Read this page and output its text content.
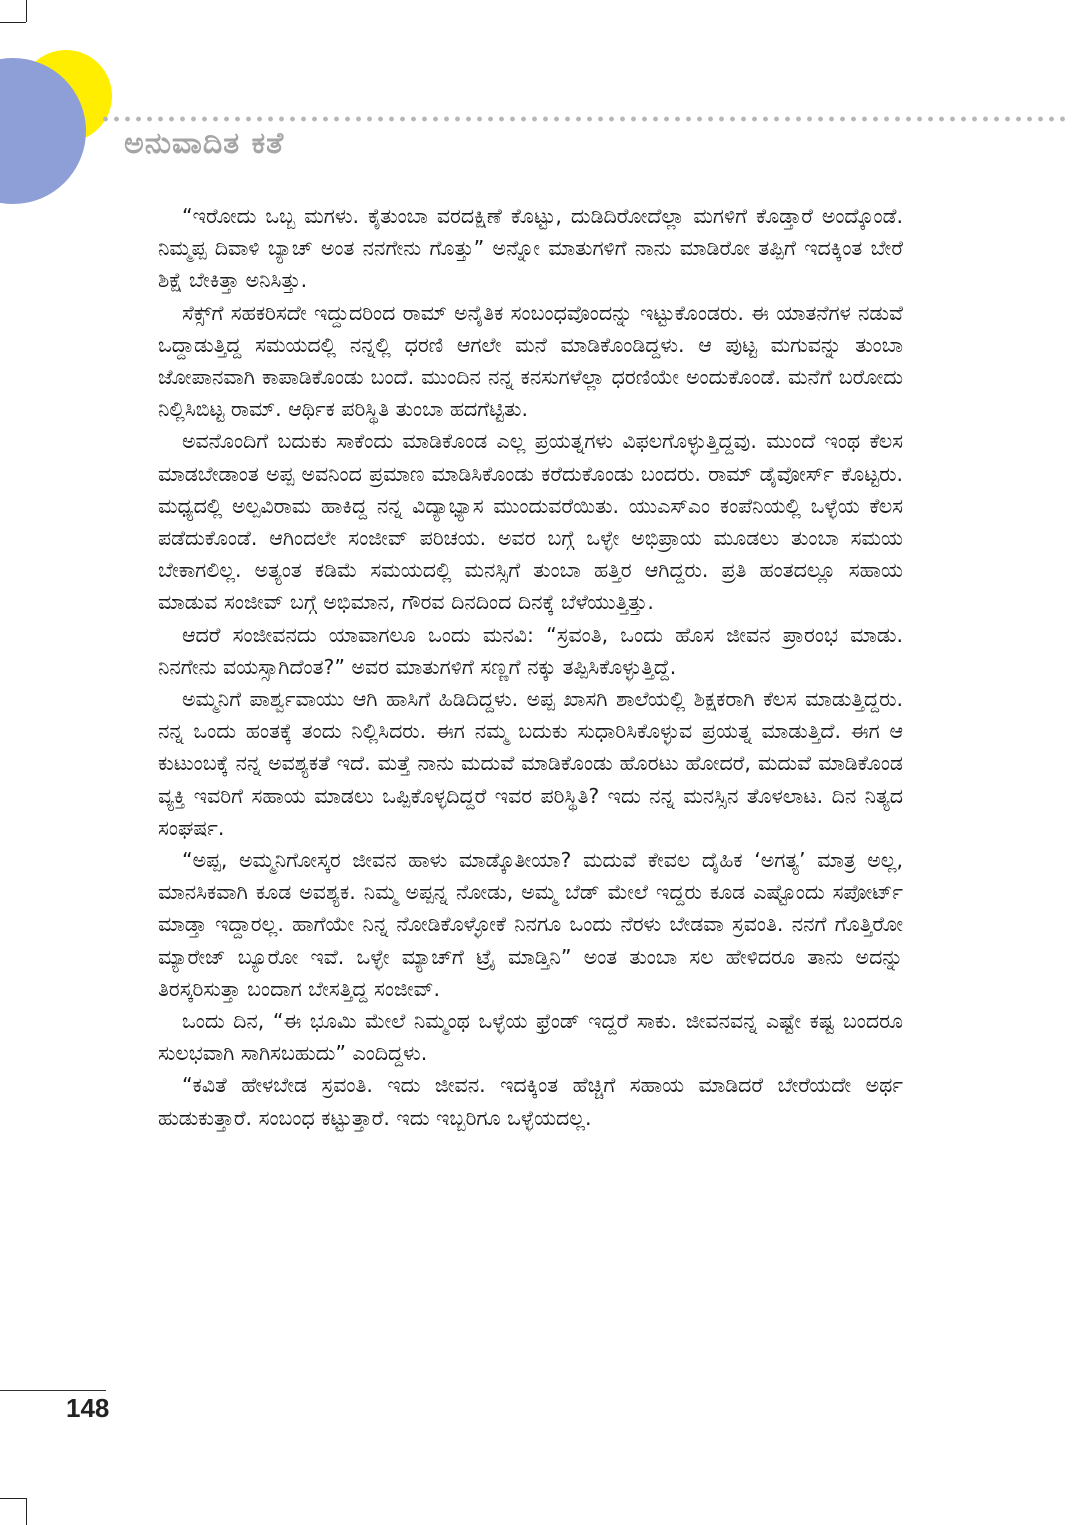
ಅನುವಾದಿತ ಕತೆ

“ಇರೋದು ಒಬ್ಬ ಮಗಳು. ಕೈತುಂಬಾ ವರದಕ್ಷಿಣೆ ಕೊಟ್ಟು, ದುಡಿದಿರೋದೆಲ್ಲಾ ಮಗಳಿಗೆ ಕೊಡ್ತಾರೆ ಅಂದ್ಕೊಂಡೆ. ನಿಮ್ಮಪ್ಪ ದಿವಾಳಿ ಬ್ಯಾಚ್ ಅಂತ ನನಗೇನು ಗೊತ್ತು” ಅನ್ನೋ ಮಾತುಗಳಿಗೆ ನಾನು ಮಾಡಿರೋ ತಪ್ಪಿಗೆ ಇದಕ್ಕಿಂತ ಬೇರೆ ಶಿಕ್ಷೆ ಬೇಕಿತ್ತಾ ಅನಿಸಿತ್ತು.

ಸೆಕ್ಸ್‌ಗೆ ಸಹಕರಿಸದೇ ಇದ್ದುದರಿಂದ ರಾಮ್ ಅನೈತಿಕ ಸಂಬಂಧವೊಂದನ್ನು ಇಟ್ಟುಕೊಂಡರು. ಈ ಯಾತನೆಗಳ ನಡುವೆ ಒದ್ದಾಡುತ್ತಿದ್ದ ಸಮಯದಲ್ಲಿ ನನ್ನಲ್ಲಿ ಧರಣಿ ಆಗಲೇ ಮನೆ ಮಾಡಿಕೊಂಡಿದ್ದಳು. ಆ ಪುಟ್ಟ ಮಗುವನ್ನು ತುಂಬಾ ಜೋಪಾನವಾಗಿ ಕಾಪಾಡಿಕೊಂಡು ಬಂದೆ. ಮುಂದಿನ ನನ್ನ ಕನಸುಗಳೆಲ್ಲಾ ಧರಣಿಯೇ ಅಂದುಕೊಂಡೆ. ಮನೆಗೆ ಬರೋದು ನಿಲ್ಲಿಸಿಬಿಟ್ಟ ರಾಮ್. ಆರ್ಥಿಕ ಪರಿಸ್ಥಿತಿ ತುಂಬಾ ಹದಗೆಟ್ಟಿತು.

ಅವನೊಂದಿಗೆ ಬದುಕು ಸಾಕೆಂದು ಮಾಡಿಕೊಂಡ ಎಲ್ಲ ಪ್ರಯತ್ನಗಳು ವಿಫಲಗೊಳ್ಳುತ್ತಿದ್ದವು. ಮುಂದೆ ಇಂಥ ಕೆಲಸ ಮಾಡಬೇಡಾಂತ ಅಪ್ಪ ಅವನಿಂದ ಪ್ರಮಾಣ ಮಾಡಿಸಿಕೊಂಡು ಕರೆದುಕೊಂಡು ಬಂದರು. ರಾಮ್ ಡೈವೋರ್ಸ್ ಕೊಟ್ಟರು. ಮಧ್ಯದಲ್ಲಿ ಅಲ್ಪವಿರಾಮ ಹಾಕಿದ್ದ ನನ್ನ ವಿದ್ಯಾಭ್ಯಾಸ ಮುಂದುವರೆಯಿತು. ಯುಎಸ್ಎಂ ಕಂಪೆನಿಯಲ್ಲಿ ಒಳ್ಳೆಯ ಕೆಲಸ ಪಡೆದುಕೊಂಡೆ. ಆಗಿಂದಲೇ ಸಂಜೀವ್ ಪರಿಚಯ. ಅವರ ಬಗ್ಗೆ ಒಳ್ಳೇ ಅಭಿಪ್ರಾಯ ಮೂಡಲು ತುಂಬಾ ಸಮಯ ಬೇಕಾಗಲಿಲ್ಲ. ಅತ್ಯಂತ ಕಡಿಮೆ ಸಮಯದಲ್ಲಿ ಮನಸ್ಸಿಗೆ ತುಂಬಾ ಹತ್ತಿರ ಆಗಿದ್ದರು. ಪ್ರತಿ ಹಂತದಲ್ಲೂ ಸಹಾಯ ಮಾಡುವ ಸಂಜೀವ್ ಬಗ್ಗೆ ಅಭಿಮಾನ, ಗೌರವ ದಿನದಿಂದ ದಿನಕ್ಕೆ ಬೆಳೆಯುತ್ತಿತ್ತು.

ಆದರೆ ಸಂಜೀವನದು ಯಾವಾಗಲೂ ಒಂದು ಮನವಿ: “ಸ್ರವಂತಿ, ಒಂದು ಹೊಸ ಜೀವನ ಪ್ರಾರಂಭ ಮಾಡು. ನಿನಗೇನು ವಯಸ್ಸಾಗಿದೆಂತ?” ಅವರ ಮಾತುಗಳಿಗೆ ಸಣ್ಣಗೆ ನಕ್ಕು ತಪ್ಪಿಸಿಕೊಳ್ಳುತ್ತಿದ್ದೆ.

ಅಮ್ಮನಿಗೆ ಪಾರ್ಶ್ವವಾಯು ಆಗಿ ಹಾಸಿಗೆ ಹಿಡಿದಿದ್ದಳು. ಅಪ್ಪ ಖಾಸಗಿ ಶಾಲೆಯಲ್ಲಿ ಶಿಕ್ಷಕರಾಗಿ ಕೆಲಸ ಮಾಡುತ್ತಿದ್ದರು. ನನ್ನ ಒಂದು ಹಂತಕ್ಕೆ ತಂದು ನಿಲ್ಲಿಸಿದರು. ಈಗ ನಮ್ಮ ಬದುಕು ಸುಧಾರಿಸಿಕೊಳ್ಳುವ ಪ್ರಯತ್ನ ಮಾಡುತ್ತಿದೆ. ಈಗ ಆ ಕುಟುಂಬಕ್ಕೆ ನನ್ನ ಅವಶ್ಯಕತೆ ಇದೆ. ಮತ್ತೆ ನಾನು ಮದುವೆ ಮಾಡಿಕೊಂಡು ಹೊರಟು ಹೋದರೆ, ಮದುವೆ ಮಾಡಿಕೊಂಡ ವ್ಯಕ್ತಿ ಇವರಿಗೆ ಸಹಾಯ ಮಾಡಲು ಒಪ್ಪಿಕೊಳ್ಳದಿದ್ದರೆ ಇವರ ಪರಿಸ್ಥಿತಿ? ಇದು ನನ್ನ ಮನಸ್ಸಿನ ತೊಳಲಾಟ. ದಿನ ನಿತ್ಯದ ಸಂಘರ್ಷ.

“ಅಪ್ಪ, ಅಮ್ಮನಿಗೋಸ್ಕರ ಜೀವನ ಹಾಳು ಮಾಡ್ಕೊತೀಯಾ? ಮದುವೆ ಕೇವಲ ದೈಹಿಕ ‘ಅಗತ್ಯ’ ಮಾತ್ರ ಅಲ್ಲ, ಮಾನಸಿಕವಾಗಿ ಕೂಡ ಅವಶ್ಯಕ. ನಿಮ್ಮ ಅಪ್ಪನ್ನ ನೋಡು, ಅಮ್ಮ ಬೆಡ್ ಮೇಲೆ ಇದ್ದರು ಕೂಡ ಎಷ್ಟೊಂದು ಸಪೋರ್ಟ್ ಮಾಡ್ತಾ ಇದ್ದಾರಲ್ಲ. ಹಾಗೆಯೇ ನಿನ್ನ ನೋಡಿಕೊಳ್ಳೋಕೆ ನಿನಗೂ ಒಂದು ನೆರಳು ಬೇಡವಾ ಸ್ರವಂತಿ. ನನಗೆ ಗೊತ್ತಿರೋ ಮ್ಯಾರೇಜ್ ಬ್ಯೂರೋ ಇವೆ. ಒಳ್ಳೇ ಮ್ಯಾಚ್‌ಗೆ ಟ್ರೈ ಮಾಡ್ತಿನಿ” ಅಂತ ತುಂಬಾ ಸಲ ಹೇಳಿದರೂ ತಾನು ಅದನ್ನು ತಿರಸ್ಕರಿಸುತ್ತಾ ಬಂದಾಗ ಬೇಸತ್ತಿದ್ದ ಸಂಜೀವ್.

ಒಂದು ದಿನ, “ಈ ಭೂಮಿ ಮೇಲೆ ನಿಮ್ಮಂಥ ಒಳ್ಳೆಯ ಫ್ರೆಂಡ್ ಇದ್ದರೆ ಸಾಕು. ಜೀವನವನ್ನ ಎಷ್ಟೇ ಕಷ್ಟ ಬಂದರೂ ಸುಲಭವಾಗಿ ಸಾಗಿಸಬಹುದು” ಎಂದಿದ್ದಳು.

“ಕವಿತೆ ಹೇಳಬೇಡ ಸ್ರವಂತಿ. ಇದು ಜೀವನ. ಇದಕ್ಕಿಂತ ಹೆಚ್ಚಿಗೆ ಸಹಾಯ ಮಾಡಿದರೆ ಬೇರೆಯದೇ ಅರ್ಥ ಹುಡುಕುತ್ತಾರೆ. ಸಂಬಂಧ ಕಟ್ಟುತ್ತಾರೆ. ಇದು ಇಬ್ಬರಿಗೂ ಒಳ್ಳೆಯದಲ್ಲ.

148
